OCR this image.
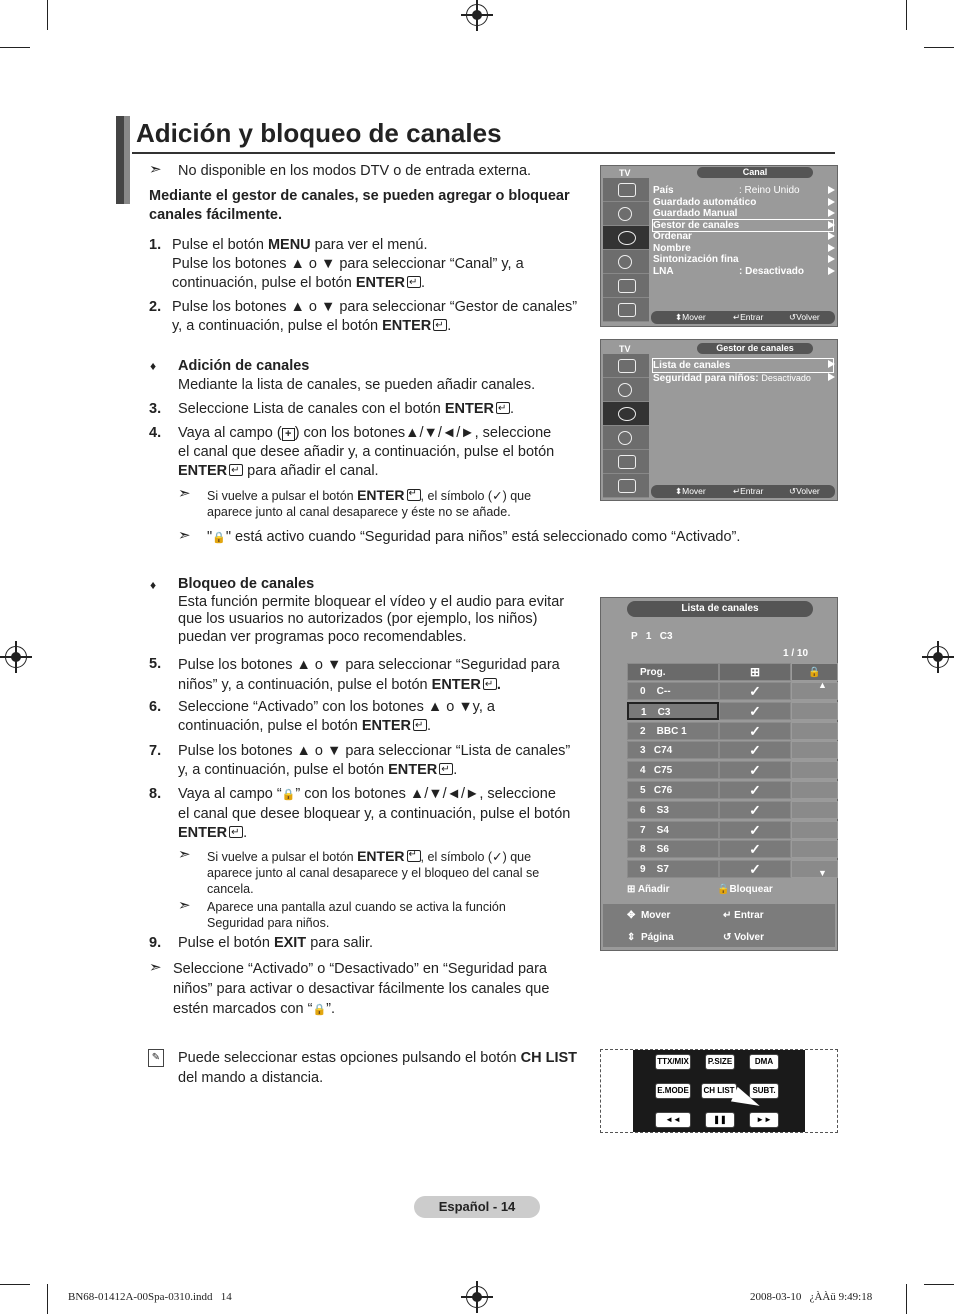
Adición y bloqueo de canales
➣ No disponible en los modos DTV o de entrada externa.
Mediante el gestor de canales, se pueden agregar o bloquear canales fácilmente.
1. Pulse el botón MENU para ver el menú.
Pulse los botones ▲ o ▼ para seleccionar “Canal” y, a
continuación, pulse el botón ENTER ↵ .
2. Pulse los botones ▲ o ▼ para seleccionar “Gestor de canales”
y, a continuación, pulse el botón ENTER ↵ .
♦ Adición de canales
Mediante la lista de canales, se pueden añadir canales.
3. Seleccione Lista de canales con el botón ENTER ↵ .
4. Vaya al campo ( + ) con los botones▲/▼/◄/►, seleccione
el canal que desee añadir y, a continuación, pulse el botón
ENTER↵ para añadir el canal.
➣ Si vuelve a pulsar el botón ENTER ↵ , el símbolo (✓) que
aparece junto al canal desaparece y éste no se añade.
➣ "🔒" está activo cuando “Seguridad para niños” está seleccionado como “Activado”.
♦ Bloqueo de canales
Esta función permite bloquear el vídeo y el audio para evitar
que los usuarios no autorizados (por ejemplo, los niños)
puedan ver programas poco recomendables.
5. Pulse los botones ▲ o ▼ para seleccionar “Seguridad para
niños” y, a continuación, pulse el botón ENTER ↵ .
6. Seleccione “Activado” con los botones ▲ o ▼y, a
continuación, pulse el botón ENTER ↵ .
7. Pulse los botones ▲ o ▼ para seleccionar “Lista de canales”
y, a continuación, pulse el botón ENTER ↵ .
8. Vaya al campo “🔒” con los botones ▲/▼/◄/►, seleccione
el canal que desee bloquear y, a continuación, pulse el botón
ENTER ↵ .
➣ Si vuelve a pulsar el botón ENTER ↵ , el símbolo (✓) que
aparece junto al canal desaparece y el bloqueo del canal se
cancela.
➣ Aparece una pantalla azul cuando se activa la función
Seguridad para niños.
9. Pulse el botón EXIT para salir.
➣ Seleccione “Activado” o “Desactivado” en “Seguridad para
niños” para activar o desactivar fácilmente los canales que
estén marcados con “🔒”.
✎ Puede seleccionar estas opciones pulsando el botón CH LIST
del mando a distancia.
TV	Canal
País	: Reino Unido
Guardado automático
Guardado Manual
Gestor de canales
Ordenar
Nombre
Sintonización fina
LNA	: Desactivado
⬍ Mover	↵ Entrar	↺ Volver
TV	Gestor de canales
Lista de canales
Seguridad para niños: Desactivado
⬍ Mover	↵ Entrar	↺ Volver
Lista de canales
P   1   C3
1 / 10
Prog.	⊞	🔒
0    C--	✓
1    C3	✓
2    BBC 1	✓
3   C74	✓
4   C75	✓
5   C76	✓
6    S3	✓
7    S4	✓
8    S6	✓
9    S7	✓
▲
▼
⊞ Añadir	🔒Bloquear
✥  Mover	↵ Entrar
⇕  Página	↺ Volver
TTX/MIX	P.SIZE	DMA
E.MODE	CH LIST	SUBT.
◄◄	❚❚	►►
Español - 14
BN68-01412A-00Spa-0310.indd   14	2008-03-10   ¿ÀÀü 9:49:18
